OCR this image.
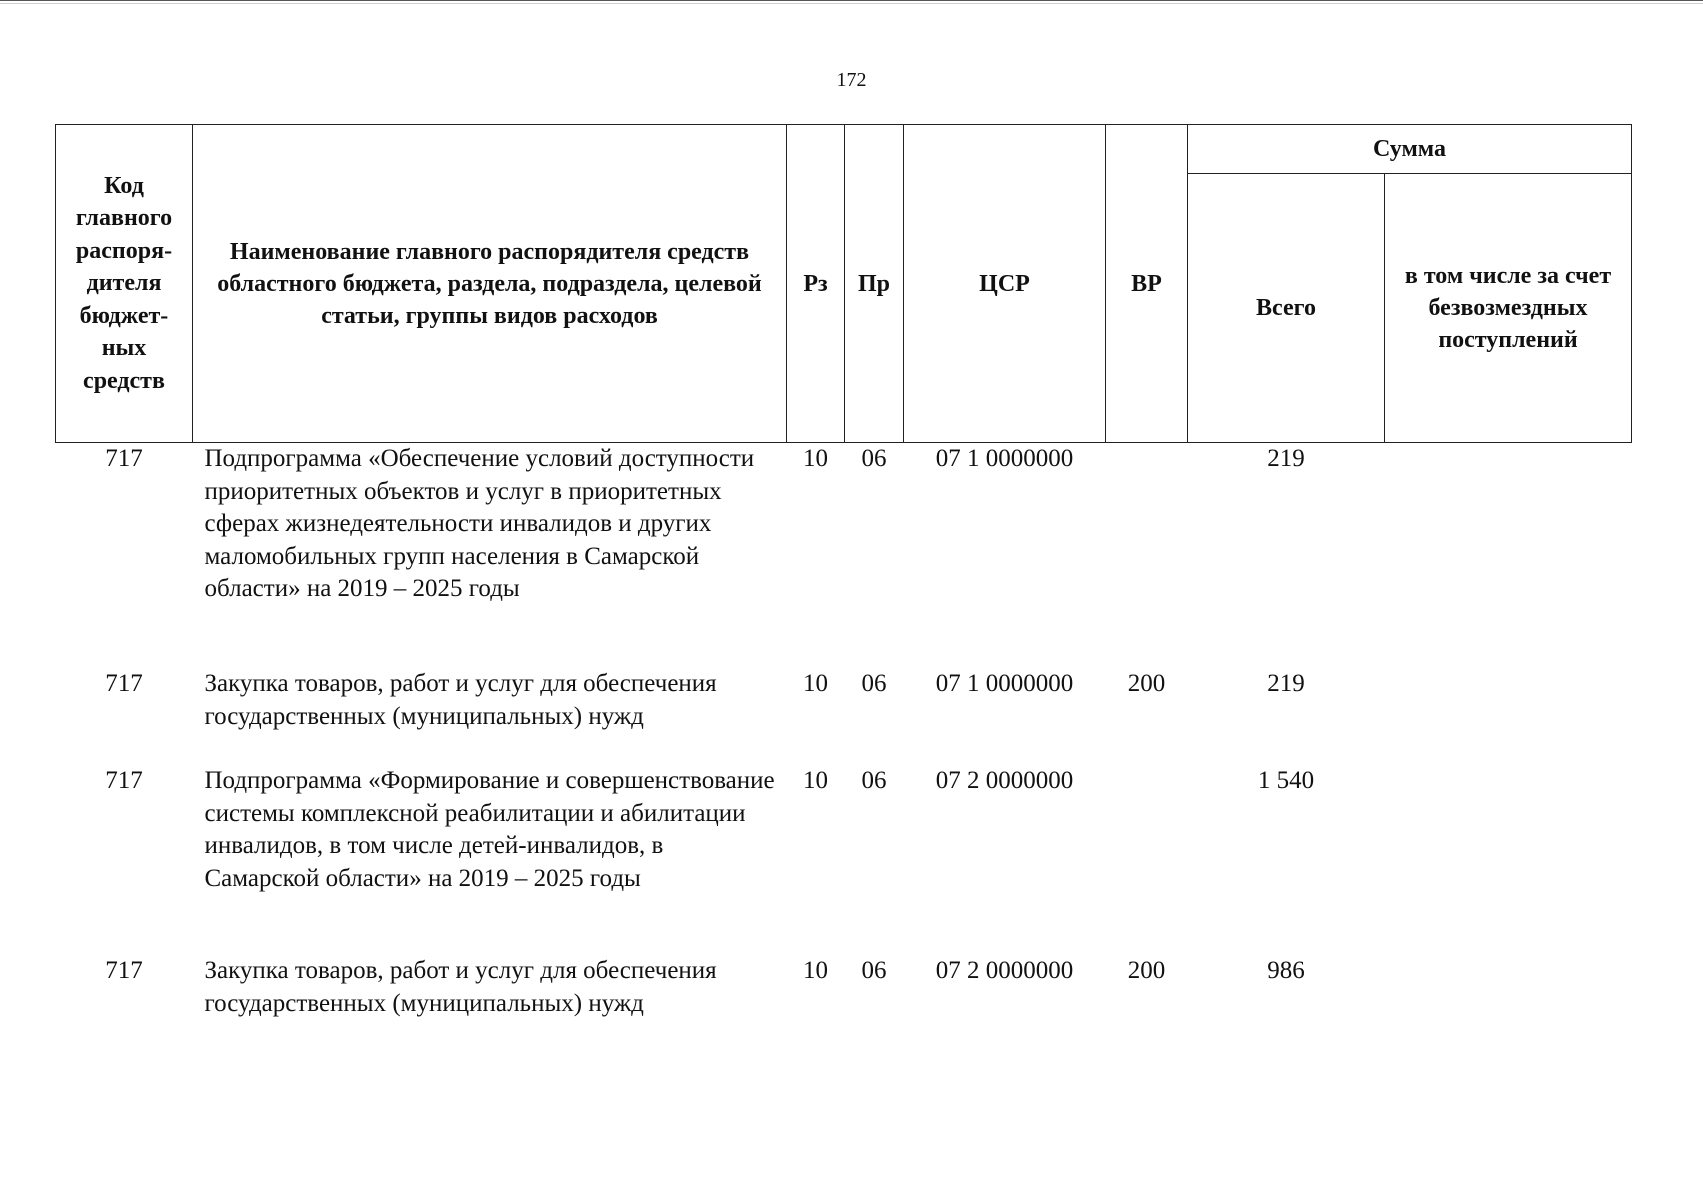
172
Код главного распоря-дителя бюджет-ных средств	Наименование главного распорядителя средств областного бюджета, раздела, подраздела, целевой статьи, группы видов расходов	Рз	Пр	ЦСР	ВР	Сумма	
						Всего	в том числе за счет безвозмездных поступлений
717	Подпрограмма «Обеспечение условий доступности приоритетных объектов и услуг в приоритетных сферах жизнедеятельности инвалидов и других маломобильных групп населения в Самарской области» на 2019 – 2025 годы	10	06	07 1 0000000		219	
717	Закупка товаров, работ и услуг для обеспечения государственных (муниципальных) нужд	10	06	07 1 0000000	200	219	
717	Подпрограмма «Формирование и совершенствование системы комплексной реабилитации и абилитации инвалидов, в том числе детей-инвалидов, в Самарской области» на 2019 – 2025 годы	10	06	07 2 0000000		1 540	
717	Закупка товаров, работ и услуг для обеспечения государственных (муниципальных) нужд	10	06	07 2 0000000	200	986	
